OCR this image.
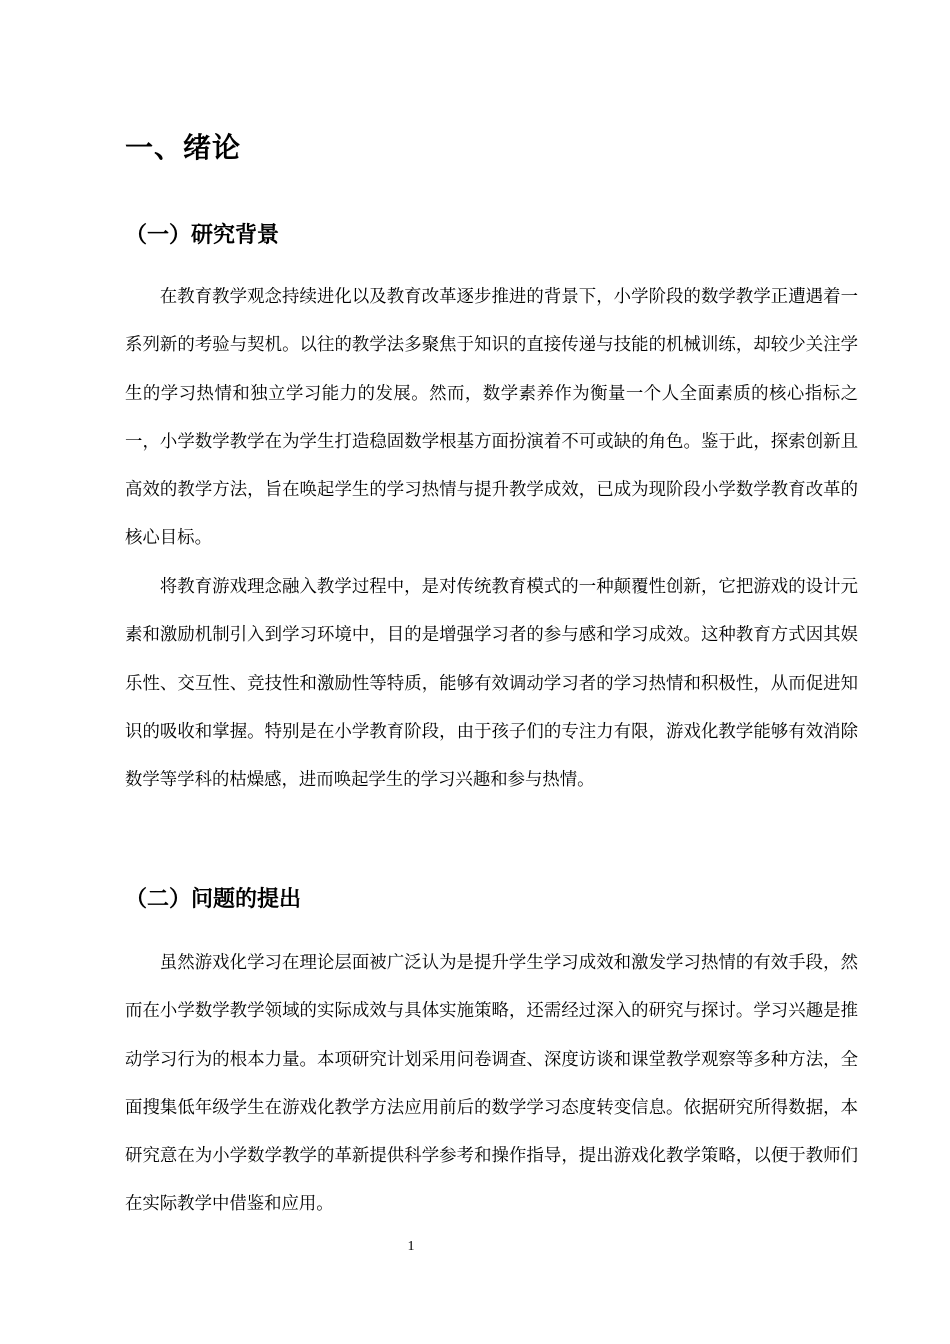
一、绪论
（一）研究背景

在教育教学观念持续进化以及教育改革逐步推进的背景下，小学阶段的数学教学正遭遇着一系列新的考验与契机。以往的教学法多聚焦于知识的直接传递与技能的机械训练，却较少关注学生的学习热情和独立学习能力的发展。然而，数学素养作为衡量一个人全面素质的核心指标之一，小学数学教学在为学生打造稳固数学根基方面扮演着不可或缺的角色。鉴于此，探索创新且高效的教学方法，旨在唤起学生的学习热情与提升教学成效，已成为现阶段小学数学教育改革的核心目标。

将教育游戏理念融入教学过程中，是对传统教育模式的一种颠覆性创新，它把游戏的设计元素和激励机制引入到学习环境中，目的是增强学习者的参与感和学习成效。这种教育方式因其娱乐性、交互性、竞技性和激励性等特质，能够有效调动学习者的学习热情和积极性，从而促进知识的吸收和掌握。特别是在小学教育阶段，由于孩子们的专注力有限，游戏化教学能够有效消除数学等学科的枯燥感，进而唤起学生的学习兴趣和参与热情。

（二）问题的提出

虽然游戏化学习在理论层面被广泛认为是提升学生学习成效和激发学习热情的有效手段，然而在小学数学教学领域的实际成效与具体实施策略，还需经过深入的研究与探讨。学习兴趣是推动学习行为的根本力量。本项研究计划采用问卷调查、深度访谈和课堂教学观察等多种方法，全面搜集低年级学生在游戏化教学方法应用前后的数学学习态度转变信息。依据研究所得数据，本研究意在为小学数学教学的革新提供科学参考和操作指导，提出游戏化教学策略，以便于教师们在实际教学中借鉴和应用。

1
